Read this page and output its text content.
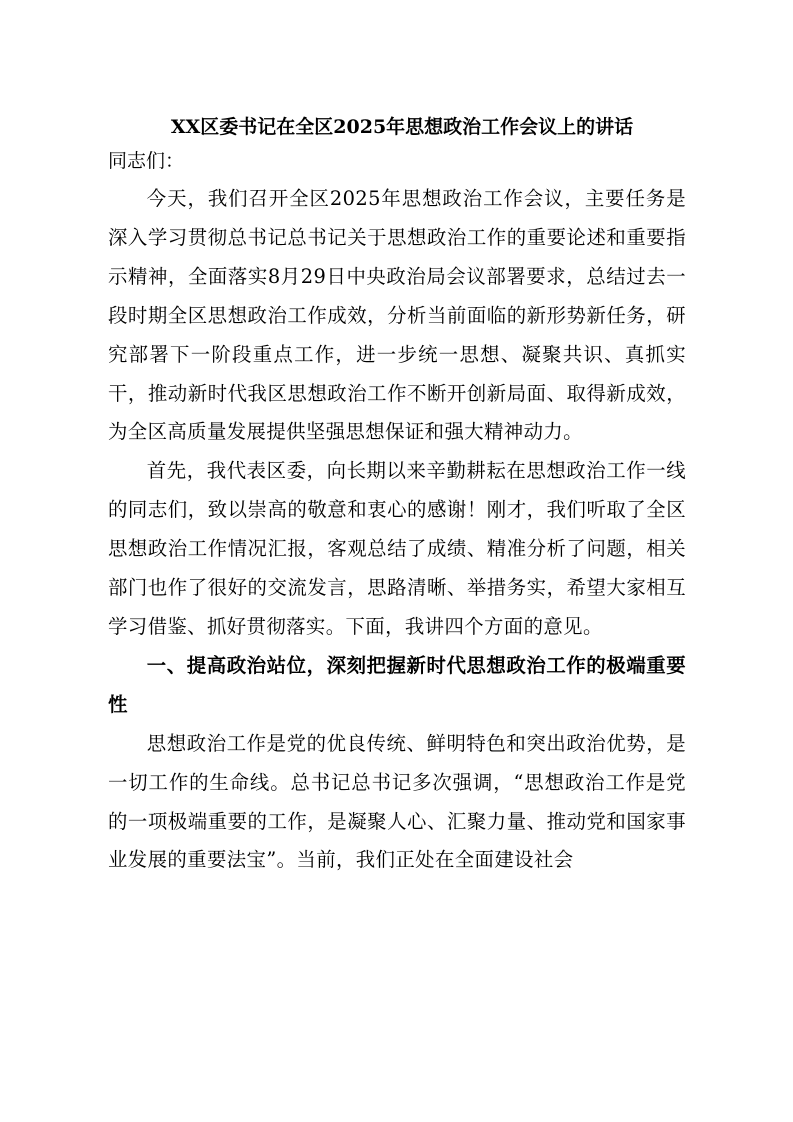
XX区委书记在全区2025年思想政治工作会议上的讲话

同志们：

今天，我们召开全区2025年思想政治工作会议，主要任务是深入学习贯彻总书记总书记关于思想政治工作的重要论述和重要指示精神，全面落实8月29日中央政治局会议部署要求，总结过去一段时期全区思想政治工作成效，分析当前面临的新形势新任务，研究部署下一阶段重点工作，进一步统一思想、凝聚共识、真抓实干，推动新时代我区思想政治工作不断开创新局面、取得新成效，为全区高质量发展提供坚强思想保证和强大精神动力。

首先，我代表区委，向长期以来辛勤耕耘在思想政治工作一线的同志们，致以崇高的敬意和衷心的感谢！刚才，我们听取了全区思想政治工作情况汇报，客观总结了成绩、精准分析了问题，相关部门也作了很好的交流发言，思路清晰、举措务实，希望大家相互学习借鉴、抓好贯彻落实。下面，我讲四个方面的意见。

一、提高政治站位，深刻把握新时代思想政治工作的极端重要性

思想政治工作是党的优良传统、鲜明特色和突出政治优势，是一切工作的生命线。总书记总书记多次强调，“思想政治工作是党的一项极端重要的工作，是凝聚人心、汇聚力量、推动党和国家事业发展的重要法宝”。当前，我们正处在全面建设社会
